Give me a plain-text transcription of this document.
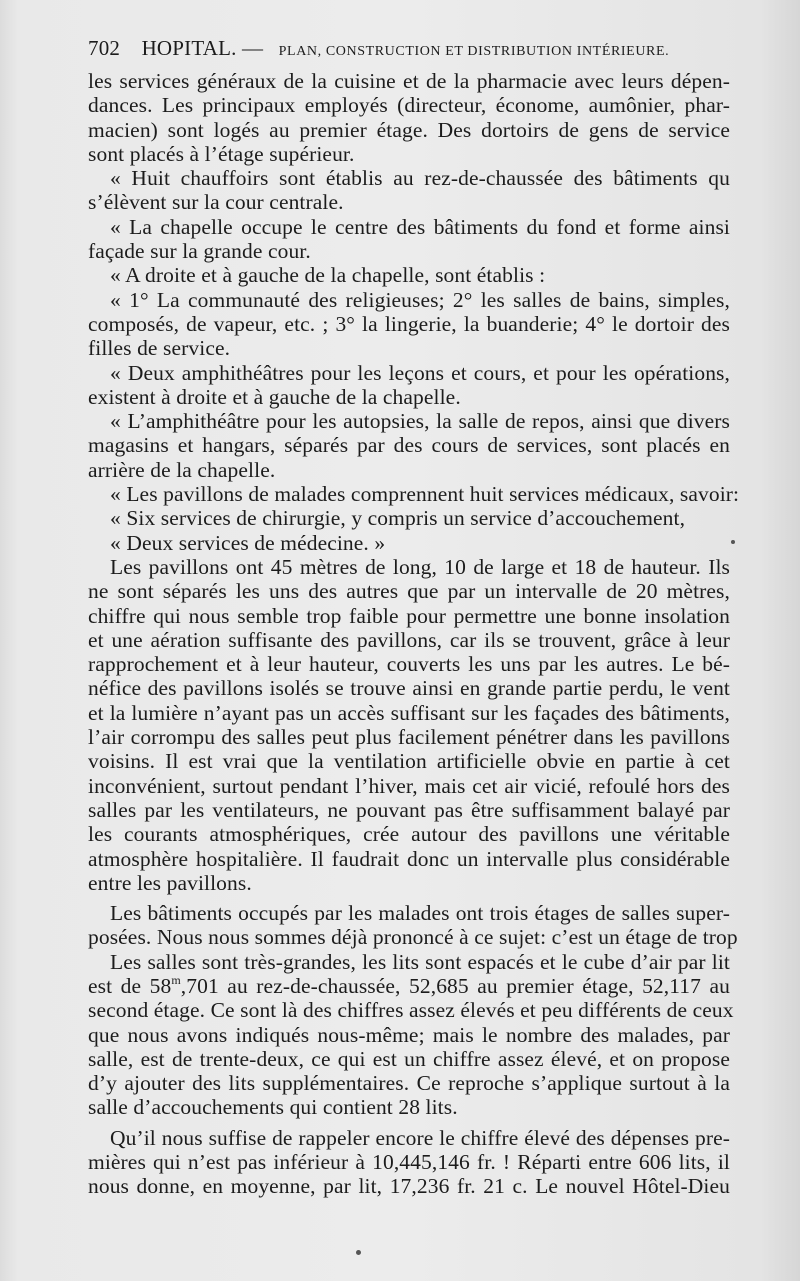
702 HOPITAL. — PLAN, CONSTRUCTION ET DISTRIBUTION INTÉRIEURE.
les services généraux de la cuisine et de la pharmacie avec leurs dépen-
dances. Les principaux employés (directeur, économe, aumônier, phar-
macien) sont logés au premier étage. Des dortoirs de gens de service
sont placés à l’étage supérieur.
« Huit chauffoirs sont établis au rez-de-chaussée des bâtiments qu
s’élèvent sur la cour centrale.
« La chapelle occupe le centre des bâtiments du fond et forme ainsi
façade sur la grande cour.
« A droite et à gauche de la chapelle, sont établis :
« 1° La communauté des religieuses; 2° les salles de bains, simples,
composés, de vapeur, etc. ; 3° la lingerie, la buanderie; 4° le dortoir des
filles de service.
« Deux amphithéâtres pour les leçons et cours, et pour les opérations,
existent à droite et à gauche de la chapelle.
« L’amphithéâtre pour les autopsies, la salle de repos, ainsi que divers
magasins et hangars, séparés par des cours de services, sont placés en
arrière de la chapelle.
« Les pavillons de malades comprennent huit services médicaux, savoir:
« Six services de chirurgie, y compris un service d’accouchement,
« Deux services de médecine. »
Les pavillons ont 45 mètres de long, 10 de large et 18 de hauteur. Ils
ne sont séparés les uns des autres que par un intervalle de 20 mètres,
chiffre qui nous semble trop faible pour permettre une bonne insolation
et une aération suffisante des pavillons, car ils se trouvent, grâce à leur
rapprochement et à leur hauteur, couverts les uns par les autres. Le bé-
néfice des pavillons isolés se trouve ainsi en grande partie perdu, le vent
et la lumière n’ayant pas un accès suffisant sur les façades des bâtiments,
l’air corrompu des salles peut plus facilement pénétrer dans les pavillons
voisins. Il est vrai que la ventilation artificielle obvie en partie à cet
inconvénient, surtout pendant l’hiver, mais cet air vicié, refoulé hors des
salles par les ventilateurs, ne pouvant pas être suffisamment balayé par
les courants atmosphériques, crée autour des pavillons une véritable
atmosphère hospitalière. Il faudrait donc un intervalle plus considérable
entre les pavillons.
Les bâtiments occupés par les malades ont trois étages de salles super-
posées. Nous nous sommes déjà prononcé à ce sujet: c’est un étage de trop
Les salles sont très-grandes, les lits sont espacés et le cube d’air par lit
est de 58$^m$,701 au rez-de-chaussée, 52,685 au premier étage, 52,117 au
second étage. Ce sont là des chiffres assez élevés et peu différents de ceux
que nous avons indiqués nous-même; mais le nombre des malades, par
salle, est de trente-deux, ce qui est un chiffre assez élevé, et on propose
d’y ajouter des lits supplémentaires. Ce reproche s’applique surtout à la
salle d’accouchements qui contient 28 lits.
Qu’il nous suffise de rappeler encore le chiffre élevé des dépenses pre-
mières qui n’est pas inférieur à 10,445,146 fr. ! Réparti entre 606 lits, il
nous donne, en moyenne, par lit, 17,236 fr. 21 c. Le nouvel Hôtel-Dieu
